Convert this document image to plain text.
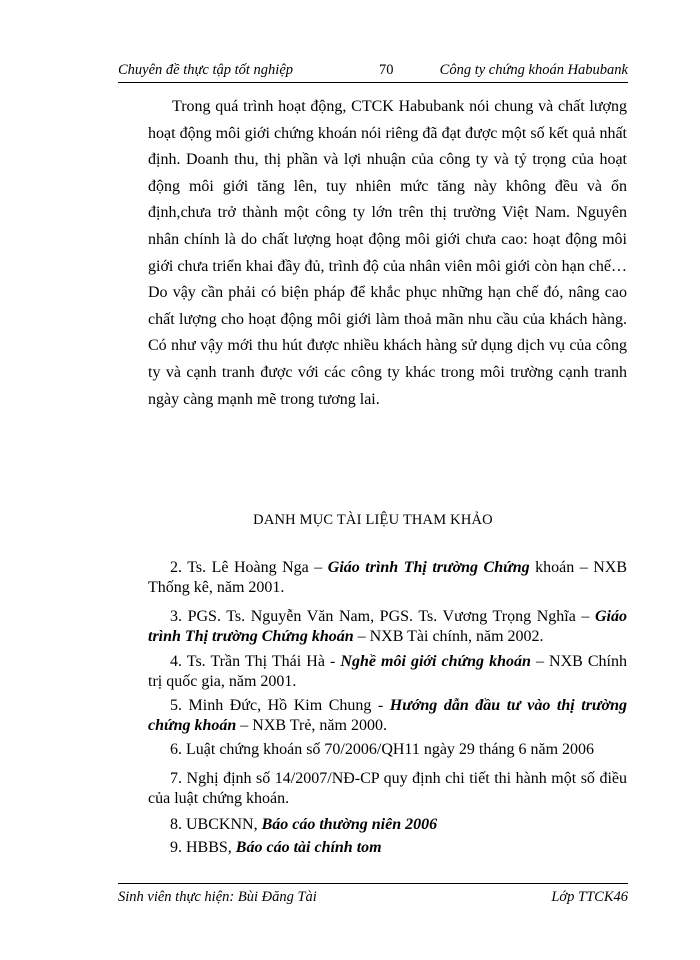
Chuyên đề thực tập tốt nghiệp	70	Công ty chứng khoán Habubank

Trong quá trình hoạt động, CTCK Habubank nói chung và chất lượng hoạt động môi giới chứng khoán nói riêng đã đạt được một số kết quả nhất định. Doanh thu, thị phần và lợi nhuận của công ty và tỷ trọng của hoạt động môi giới tăng lên, tuy nhiên mức tăng này không đều và ổn định,chưa trở thành một công ty lớn trên thị trường Việt Nam. Nguyên nhân chính là do chất lượng hoạt động môi giới chưa cao: hoạt động môi giới chưa triển khai đầy đủ, trình độ của nhân viên môi giới còn hạn chế…Do vậy cần phải có biện pháp để khắc phục những hạn chế đó, nâng cao chất lượng cho hoạt động môi giới làm thoả mãn nhu cầu của khách hàng. Có như vậy mới thu hút được nhiều khách hàng sử dụng dịch vụ của công ty và cạnh tranh được với các công ty khác trong môi trường cạnh tranh ngày càng mạnh mẽ trong tương lai.

DANH MỤC TÀI LIỆU THAM KHẢO
2. Ts. Lê Hoàng Nga – Giáo trình Thị trường Chứng khoán – NXB Thống kê, năm 2001.
3. PGS. Ts. Nguyễn Văn Nam, PGS. Ts. Vương Trọng Nghĩa – Giáo trình Thị trường Chứng khoán – NXB Tài chính, năm 2002.
4. Ts. Trần Thị Thái Hà - Nghề môi giới chứng khoán – NXB Chính trị quốc gia, năm 2001.
5. Minh Đức, Hồ Kim Chung - Hướng dẫn đầu tư vào thị trường chứng khoán – NXB Trẻ, năm 2000.
6. Luật chứng khoán số 70/2006/QH11 ngày 29 tháng 6 năm 2006
7. Nghị định số 14/2007/NĐ-CP quy định chi tiết thi hành một số điều của luật chứng khoán.
8. UBCKNN, Báo cáo thường niên 2006
9. HBBS, Báo cáo tài chính tom
Sinh viên thực hiện: Bùi Đăng Tài	Lớp TTCK46
